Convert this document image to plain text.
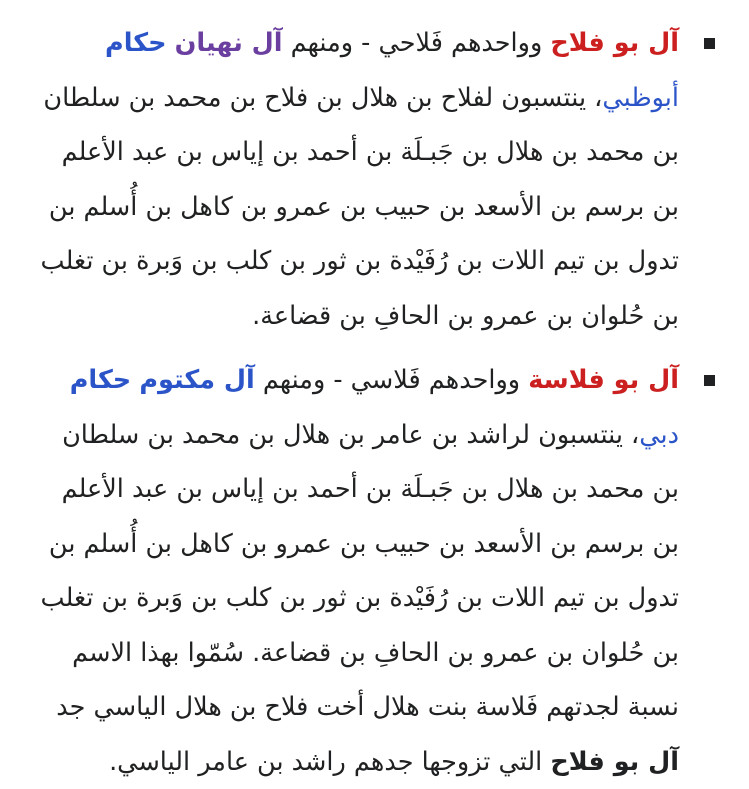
آل بو فلاح وواحدهم فَلاحي - ومنهم آل نهيان حكام أبوظبي، ينتسبون لفلاح بن هلال بن فلاح بن محمد بن سلطان بن محمد بن هلال بن جَبـلَة بن أحمد بن إياس بن عبد الأعلم بن برسم بن الأسعد بن حبيب بن عمرو بن كاهل بن أُسلم بن تدول بن تيم اللات بن رُفَيْدة بن ثور بن كلب بن وَبرة بن تغلب بن حُلوان بن عمرو بن الحافِ بن قضاعة.

آل بو فلاسة وواحدهم فَلاسي - ومنهم آل مكتوم حكام دبي، ينتسبون لراشد بن عامر بن هلال بن محمد بن سلطان بن محمد بن هلال بن جَبـلَة بن أحمد بن إياس بن عبد الأعلم بن برسم بن الأسعد بن حبيب بن عمرو بن كاهل بن أُسلم بن تدول بن تيم اللات بن رُفَيْدة بن ثور بن كلب بن وَبرة بن تغلب بن حُلوان بن عمرو بن الحافِ بن قضاعة. سُمّوا بهذا الاسم نسبة لجدتهم فَلاسة بنت هلال أخت فلاح بن هلال الياسي جد آل بو فلاح التي تزوجها جدهم راشد بن عامر الياسي.
